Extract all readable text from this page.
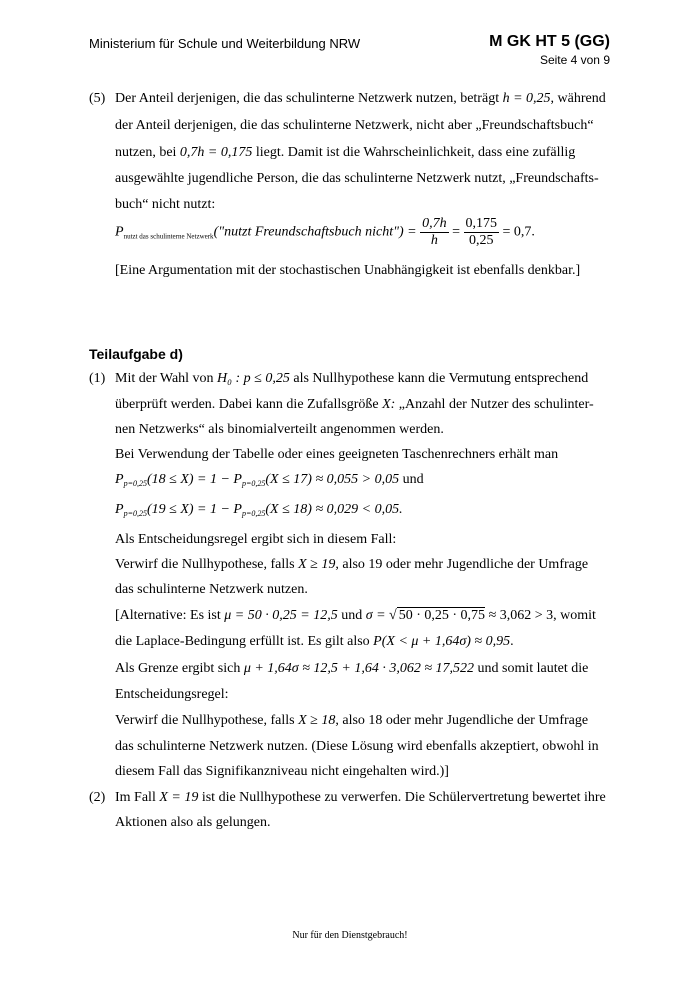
Ministerium für Schule und Weiterbildung NRW	M GK HT 5 (GG)
Seite 4 von 9
(5) Der Anteil derjenigen, die das schulinterne Netzwerk nutzen, beträgt h = 0,25, während
der Anteil derjenigen, die das schulinterne Netzwerk, nicht aber „Freundschaftsbuch“
nutzen, bei 0,7h = 0,175 liegt. Damit ist die Wahrscheinlichkeit, dass eine zufällig
ausgewählte jugendliche Person, die das schulinterne Netzwerk nutzt, „Freundschafts-
buch“ nicht nutzt:
$P_{nutzt das schulinterne Netzwerk}("nutzt$ Freundschaftsbuch nicht") = $\frac{0,7h}{h} = \frac{0,175}{0,25} = 0,7$.
[Eine Argumentation mit der stochastischen Unabhängigkeit ist ebenfalls denkbar.]
Teilaufgabe d)
(1) Mit der Wahl von H₀ : p ≤ 0,25 als Nullhypothese kann die Vermutung entsprechend
überprüft werden. Dabei kann die Zufallsgröße X: „Anzahl der Nutzer des schulinter-
nen Netzwerks“ als binomialverteilt angenommen werden.
Bei Verwendung der Tabelle oder eines geeigneten Taschenrechners erhält man
$P_{p=0,25}(18 \le X) = 1 - P_{p=0,25}(X \le 17) \approx 0,055 > 0,05$ und
$P_{p=0,25}(19 \le X) = 1 - P_{p=0,25}(X \le 18) \approx 0,029 < 0,05$.
Als Entscheidungsregel ergibt sich in diesem Fall:
Verwirf die Nullhypothese, falls X ≥ 19, also 19 oder mehr Jugendliche der Umfrage
das schulinterne Netzwerk nutzen.
[Alternative: Es ist μ = 50 · 0,25 = 12,5 und σ = √ 50 · 0,25 · 0,75 ≈ 3,062 > 3, womit
die Laplace-Bedingung erfüllt ist. Es gilt also P(X < μ + 1,64σ) ≈ 0,95.
Als Grenze ergibt sich μ + 1,64σ ≈ 12,5 + 1,64 · 3,062 ≈ 17,522 und somit lautet die
Entscheidungsregel:
Verwirf die Nullhypothese, falls X ≥ 18, also 18 oder mehr Jugendliche der Umfrage
das schulinterne Netzwerk nutzen. (Diese Lösung wird ebenfalls akzeptiert, obwohl in
diesem Fall das Signifikanzniveau nicht eingehalten wird.)]
(2) Im Fall X = 19 ist die Nullhypothese zu verwerfen. Die Schülervertretung bewertet ihre
Aktionen also als gelungen.
Nur für den Dienstgebrauch!
